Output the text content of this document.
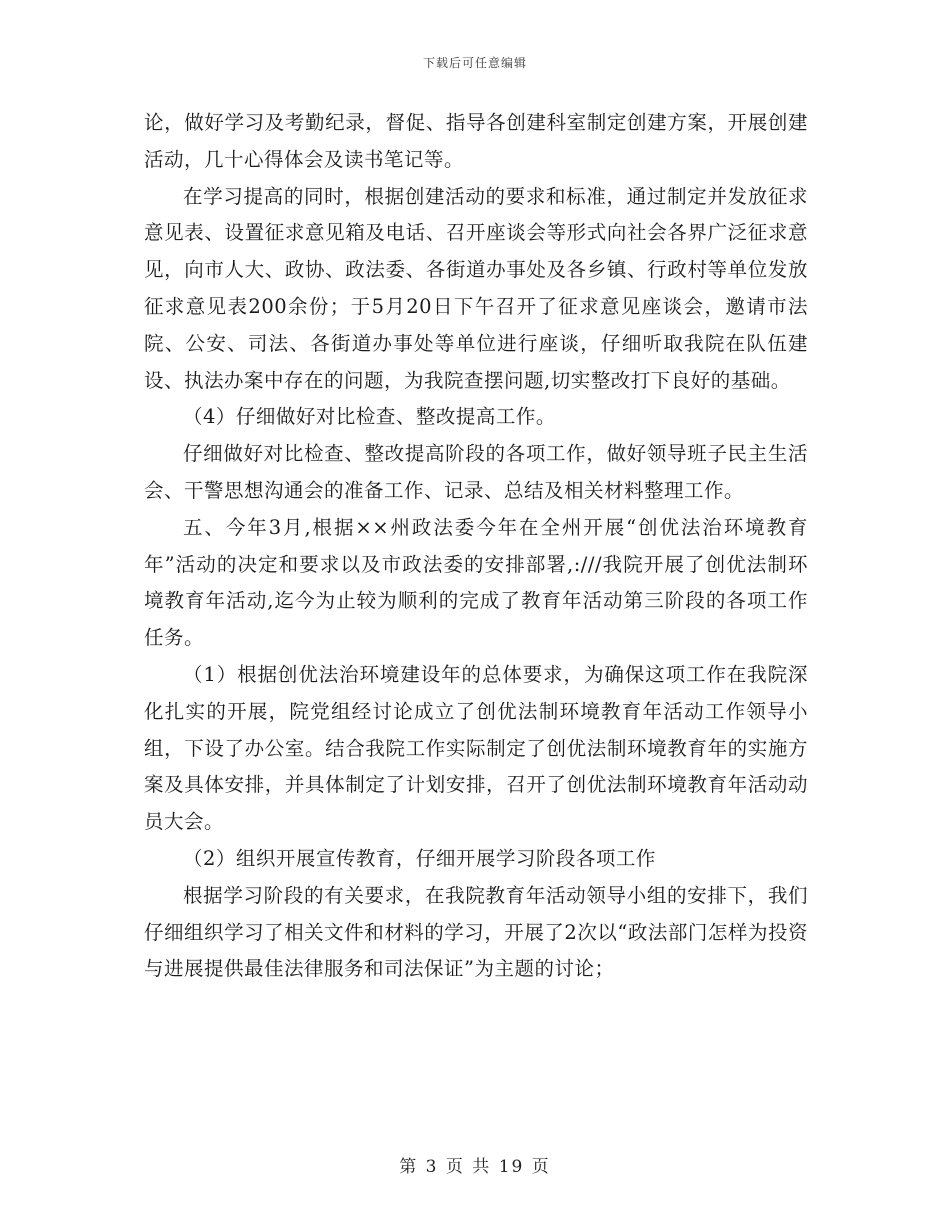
下载后可任意编辑

论，做好学习及考勤纪录，督促、指导各创建科室制定创建方案，开展创建活动，几十心得体会及读书笔记等。

在学习提高的同时，根据创建活动的要求和标准，通过制定并发放征求意见表、设置征求意见箱及电话、召开座谈会等形式向社会各界广泛征求意见，向市人大、政协、政法委、各街道办事处及各乡镇、行政村等单位发放征求意见表200余份；于5月20日下午召开了征求意见座谈会，邀请市法院、公安、司法、各街道办事处等单位进行座谈，仔细听取我院在队伍建设、执法办案中存在的问题，为我院查摆问题,切实整改打下良好的基础。

（4）仔细做好对比检查、整改提高工作。

仔细做好对比检查、整改提高阶段的各项工作，做好领导班子民主生活会、干警思想沟通会的准备工作、记录、总结及相关材料整理工作。

五、今年3月,根据××州政法委今年在全州开展“创优法治环境教育年”活动的决定和要求以及市政法委的安排部署,:///我院开展了创优法制环境教育年活动,迄今为止较为顺利的完成了教育年活动第三阶段的各项工作任务。

（1）根据创优法治环境建设年的总体要求，为确保这项工作在我院深化扎实的开展，院党组经讨论成立了创优法制环境教育年活动工作领导小组，下设了办公室。结合我院工作实际制定了创优法制环境教育年的实施方案及具体安排，并具体制定了计划安排，召开了创优法制环境教育年活动动员大会。

（2）组织开展宣传教育，仔细开展学习阶段各项工作

根据学习阶段的有关要求，在我院教育年活动领导小组的安排下，我们仔细组织学习了相关文件和材料的学习，开展了2次以“政法部门怎样为投资与进展提供最佳法律服务和司法保证”为主题的讨论；

第 3 页 共 19 页
